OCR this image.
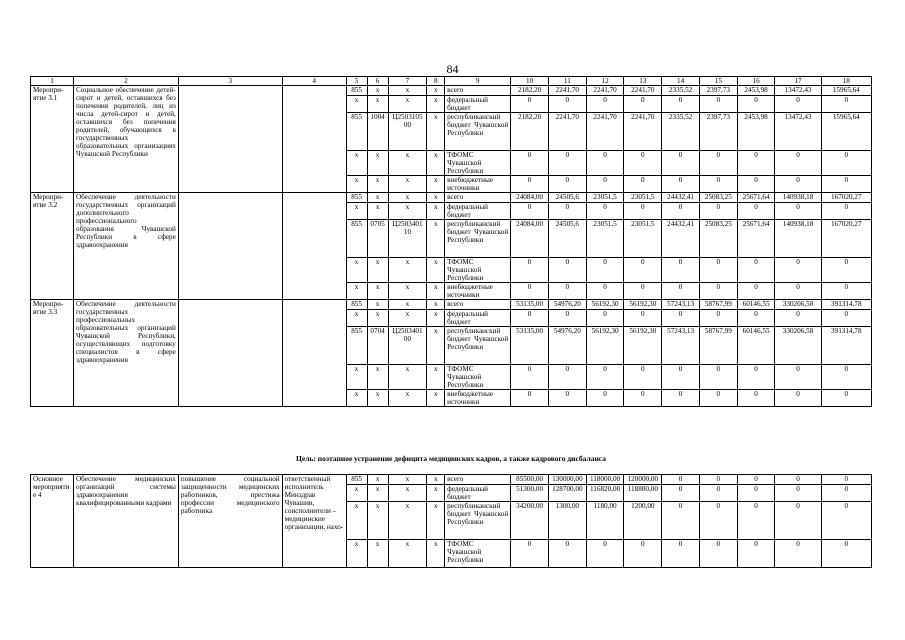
84
1	2	3	4	5	6	7	8	9	10	11	12	13	14	15	16	17	18
Меропри-ятие 3.1	Социальное обеспечение детей-сирот и детей, оставшихся без попечения родителей, лиц из числа детей-сирот и детей, оставшихся без попечения родителей, обучающихся в государственных образовательных организациях Чувашской Республики			855	x	x	x	всего	2182,20	2241,70	2241,70	2241,70	2335,52	2397,73	2453,98	13472,43	15965,64
				x	x	x	x	федеральный бюджет	0	0	0	0	0	0	0	0	0
				855	1004	Ц2503105 00	x	республиканский бюджет Чувашской Республики	2182,20	2241,70	2241,70	2241,70	2335,52	2397,73	2453,98	13472,43	15965,64
				x	x	x	x	ТФОМС Чувашской Республики	0	0	0	0	0	0	0	0	0
				x	x	x	x	внебюджетные источники	0	0	0	0	0	0	0	0	0
Меропри-ятие 3.2	Обеспечение деятельности государственных организаций дополнительного профессионального образования Чувашской Республики в сфере здравоохранения			855	x	x	x	всего	24084,00	24505,6	23051,5	23051,5	24432,41	25083,25	25671,64	140938,18	167020,27
				x	x	x	x	федеральный бюджет	0	0	0	0	0	0	0	0	0
				855	0705	Ц2503401 10	x	республиканский бюджет Чувашской Республики	24084,00	24505,6	23051,5	23051,5	24432,41	25083,25	25671,64	140938,18	167020,27
				x	x	x	x	ТФОМС Чувашской Республики	0	0	0	0	0	0	0	0	0
				x	x	x	x	внебюджетные источники	0	0	0	0	0	0	0	0	0
Меропри-ятие 3.3	Обеспечение деятельности государственных профессиональных образовательных организаций Чувашской Республики, осуществляющих подготовку специалистов в сфере здравоохранения			855	x	x	x	всего	53135,00	54976,20	56192,30	56192,30	57243,13	58767,99	60146,55	330206,58	391314,78
				x	x	x	x	федеральный бюджет	0	0	0	0	0	0	0	0	0
				855	0704	Ц2503401 00	x	республиканский бюджет Чувашской Республики	53135,00	54976,20	56192,30	56192,30	57243,13	58767,99	60146,55	330206,58	391314,78
				x	x	x	x	ТФОМС Чувашской Республики	0	0	0	0	0	0	0	0	0
				x	x	x	x	внебюджетные источники	0	0	0	0	0	0	0	0	0
Цель: поэтапное устранение дефицита медицинских кадров, а также кадрового дисбаланса
Основное мероприятие 4	Обеспечение медицинских организаций системы здравоохранения квалифицированными кадрами	повышение социальной защищенности медицинских работников, престижа профессии медицинского работника	ответственный исполнитель Минздрав Чувашии, соисполнители – медицинские организации, нахо-	855	x	x	x	всего	85500,00	130000,00	118000,00	120000,00	0	0	0	0	0
				x	x	x	x	федеральный бюджет	51300,00	128700,00	116820,00	118800,00	0	0	0	0	0
				x	x	x	x	республиканский бюджет Чувашской Республики	34200,00	1300,00	1180,00	1200,00	0	0	0	0	0
				x	x	x	x	ТФОМС Чувашской Республики	0	0	0	0	0	0	0	0	0
